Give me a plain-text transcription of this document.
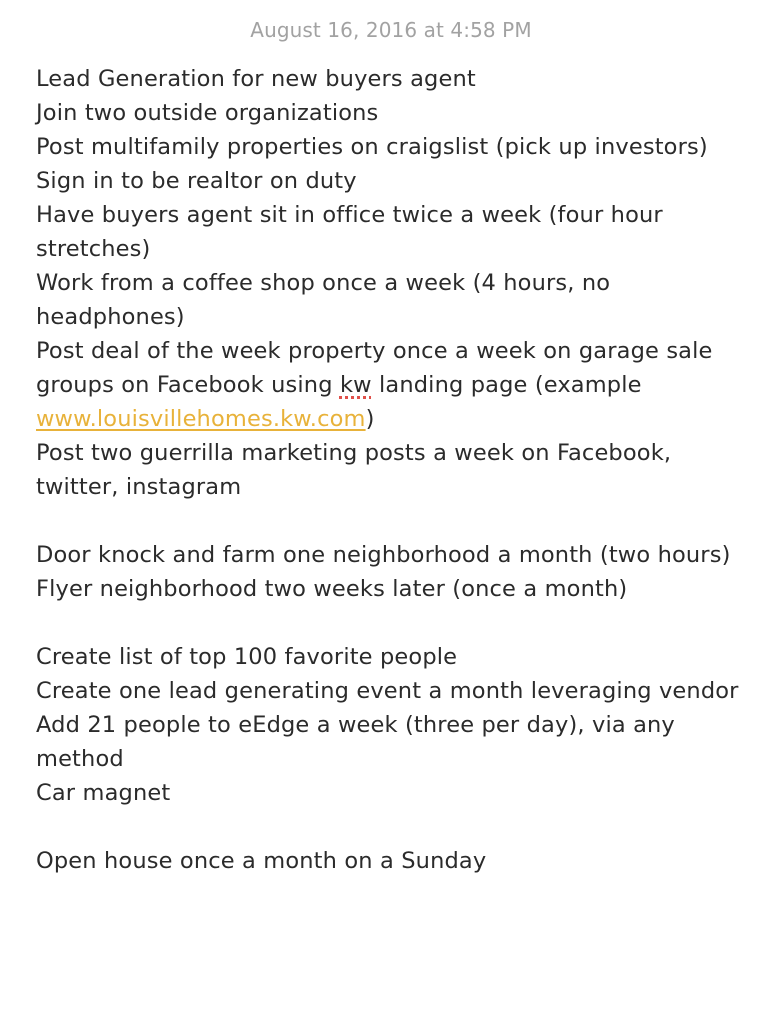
August 16, 2016 at 4:58 PM
Lead Generation for new buyers agent
Join two outside organizations
Post multifamily properties on craigslist (pick up investors)
Sign in to be realtor on duty
Have buyers agent sit in office twice a week (four hour stretches)
Work from a coffee shop once a week (4 hours, no headphones)
Post deal of the week property once a week on garage sale groups on Facebook using kw landing page (example www.louisvillehomes.kw.com)
Post two guerrilla marketing posts a week on Facebook, twitter, instagram
Door knock and farm one neighborhood a month (two hours)
Flyer neighborhood two weeks later (once a month)
Create list of top 100 favorite people
Create one lead generating event a month leveraging vendor
Add 21 people to eEdge a week (three per day), via any method
Car magnet
Open house once a month on a Sunday
